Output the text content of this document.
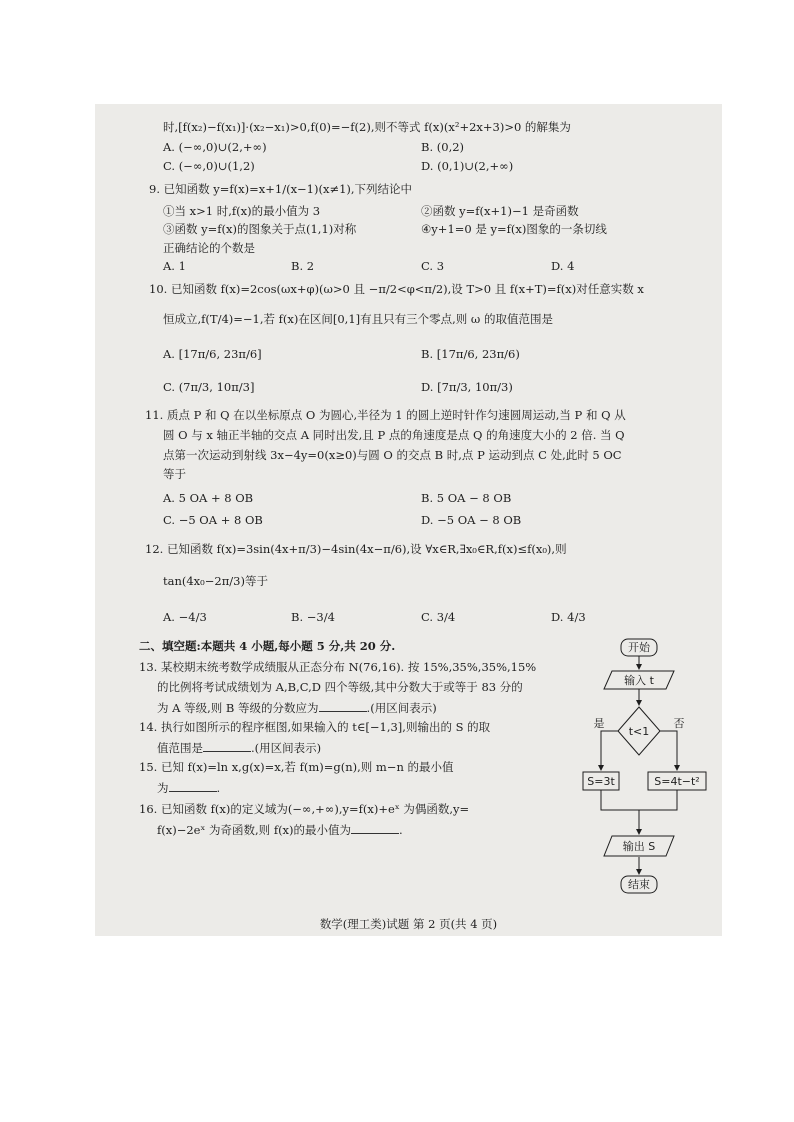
时,[f(x₂)−f(x₁)]·(x₂−x₁)>0,f(0)=−f(2),则不等式 f(x)(x²+2x+3)>0 的解集为
A. (−∞,0)∪(2,+∞)	B. (0,2)
C. (−∞,0)∪(1,2)	D. (0,1)∪(2,+∞)
9. 已知函数 y=f(x)=x+1/(x−1)(x≠1),下列结论中
①当 x>1 时,f(x)的最小值为 3	②函数 y=f(x+1)−1 是奇函数
③函数 y=f(x)的图象关于点(1,1)对称	④y+1=0 是 y=f(x)图象的一条切线
正确结论的个数是
A. 1	B. 2	C. 3	D. 4
10. 已知函数 f(x)=2cos(ωx+φ)(ω>0 且 −π/2<φ<π/2),设 T>0 且 f(x+T)=f(x)对任意实数 x
恒成立,f(T/4)=−1,若 f(x)在区间[0,1]有且只有三个零点,则 ω 的取值范围是
A. [17π/6, 23π/6]	B. [17π/6, 23π/6)
C. (7π/3, 10π/3]	D. [7π/3, 10π/3)
11. 质点 P 和 Q 在以坐标原点 O 为圆心,半径为 1 的圆上逆时针作匀速圆周运动,当 P 和 Q 从
圆 O 与 x 轴正半轴的交点 A 同时出发,且 P 点的角速度是点 Q 的角速度大小的 2 倍. 当 Q
点第一次运动到射线 3x−4y=0(x≥0)与圆 O 的交点 B 时,点 P 运动到点 C 处,此时 5 OC
等于
A. 5 OA + 8 OB	B. 5 OA − 8 OB
C. −5 OA + 8 OB	D. −5 OA − 8 OB
12. 已知函数 f(x)=3sin(4x+π/3)−4sin(4x−π/6),设 ∀x∈R,∃x₀∈R,f(x)≤f(x₀),则
tan(4x₀−2π/3)等于
A. −4/3	B. −3/4	C. 3/4	D. 4/3
二、填空题:本题共 4 小题,每小题 5 分,共 20 分.
13. 某校期末统考数学成绩服从正态分布 N(76,16). 按 15%,35%,35%,15%
的比例将考试成绩划为 A,B,C,D 四个等级,其中分数大于或等于 83 分的
为 A 等级,则 B 等级的分数应为	.(用区间表示)
14. 执行如图所示的程序框图,如果输入的 t∈[−1,3],则输出的 S 的取
值范围是	.(用区间表示)
15. 已知 f(x)=ln x,g(x)=x,若 f(m)=g(n),则 m−n 的最小值
为	.
16. 已知函数 f(x)的定义域为(−∞,+∞),y=f(x)+eˣ 为偶函数,y=
f(x)−2eˣ 为奇函数,则 f(x)的最小值为	.
开始
输入 t
t<1
是	否
S=3t	S=4t−t²
输出 S
结束
数学(理工类)试题 第 2 页(共 4 页)
